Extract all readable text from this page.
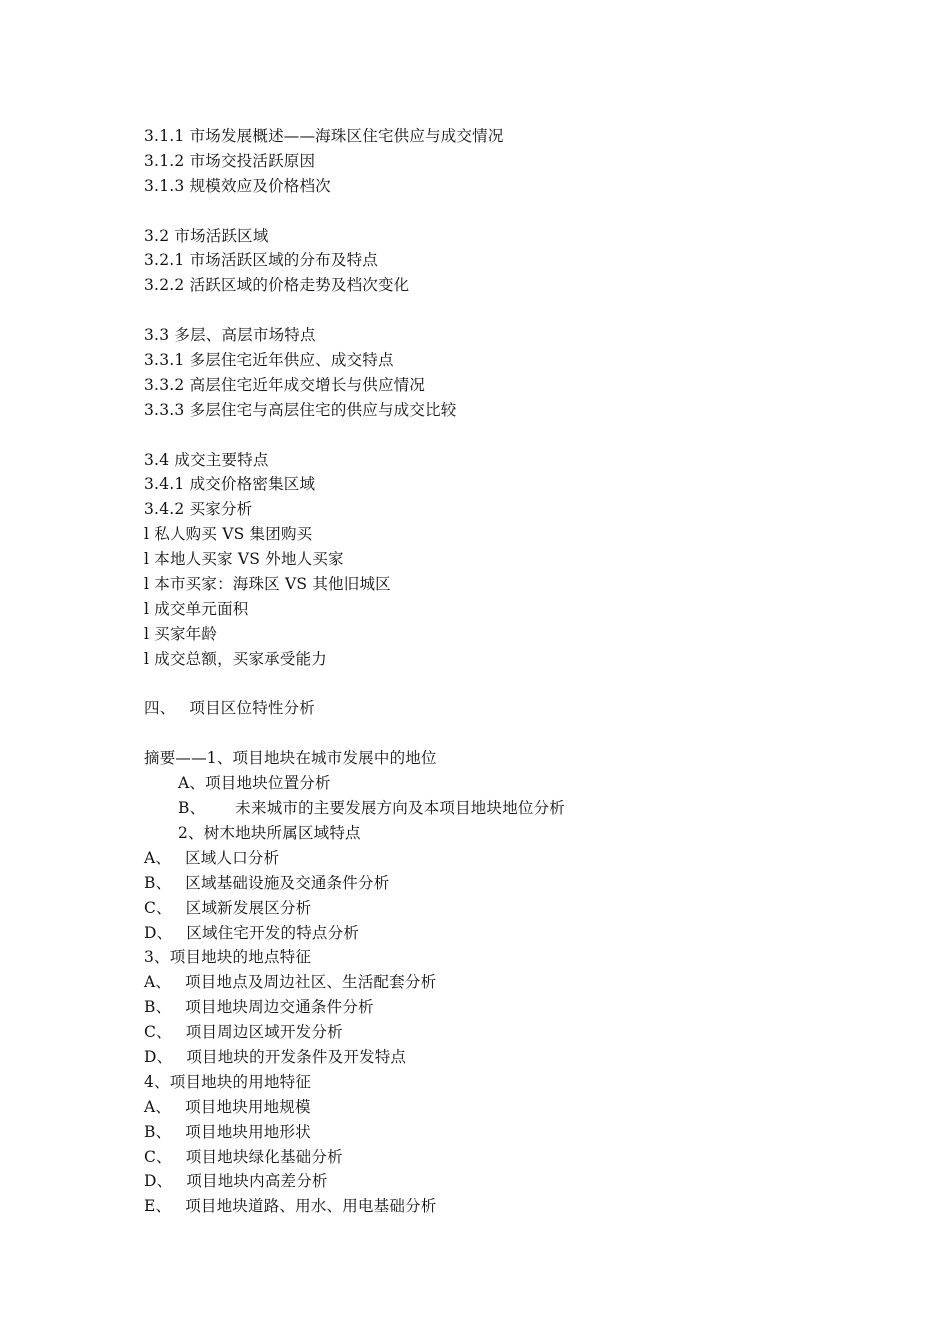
3.1.1 市场发展概述——海珠区住宅供应与成交情况
3.1.2 市场交投活跃原因
3.1.3 规模效应及价格档次
3.2 市场活跃区域
3.2.1 市场活跃区域的分布及特点
3.2.2 活跃区域的价格走势及档次变化
3.3 多层、高层市场特点
3.3.1 多层住宅近年供应、成交特点
3.3.2 高层住宅近年成交增长与供应情况
3.3.3 多层住宅与高层住宅的供应与成交比较
3.4 成交主要特点
3.4.1 成交价格密集区域
3.4.2 买家分析
l 私人购买 VS 集团购买
l 本地人买家 VS 外地人买家
l 本市买家：海珠区 VS 其他旧城区
l 成交单元面积
l 买家年龄
l 成交总额，买家承受能力
四、 项目区位特性分析
摘要——1、项目地块在城市发展中的地位
A、项目地块位置分析
B、 未来城市的主要发展方向及本项目地块地位分析
2、树木地块所属区域特点
A、 区域人口分析
B、 区域基础设施及交通条件分析
C、 区域新发展区分析
D、 区域住宅开发的特点分析
3、项目地块的地点特征
A、 项目地点及周边社区、生活配套分析
B、 项目地块周边交通条件分析
C、 项目周边区域开发分析
D、 项目地块的开发条件及开发特点
4、项目地块的用地特征
A、 项目地块用地规模
B、 项目地块用地形状
C、 项目地块绿化基础分析
D、 项目地块内高差分析
E、 项目地块道路、用水、用电基础分析
